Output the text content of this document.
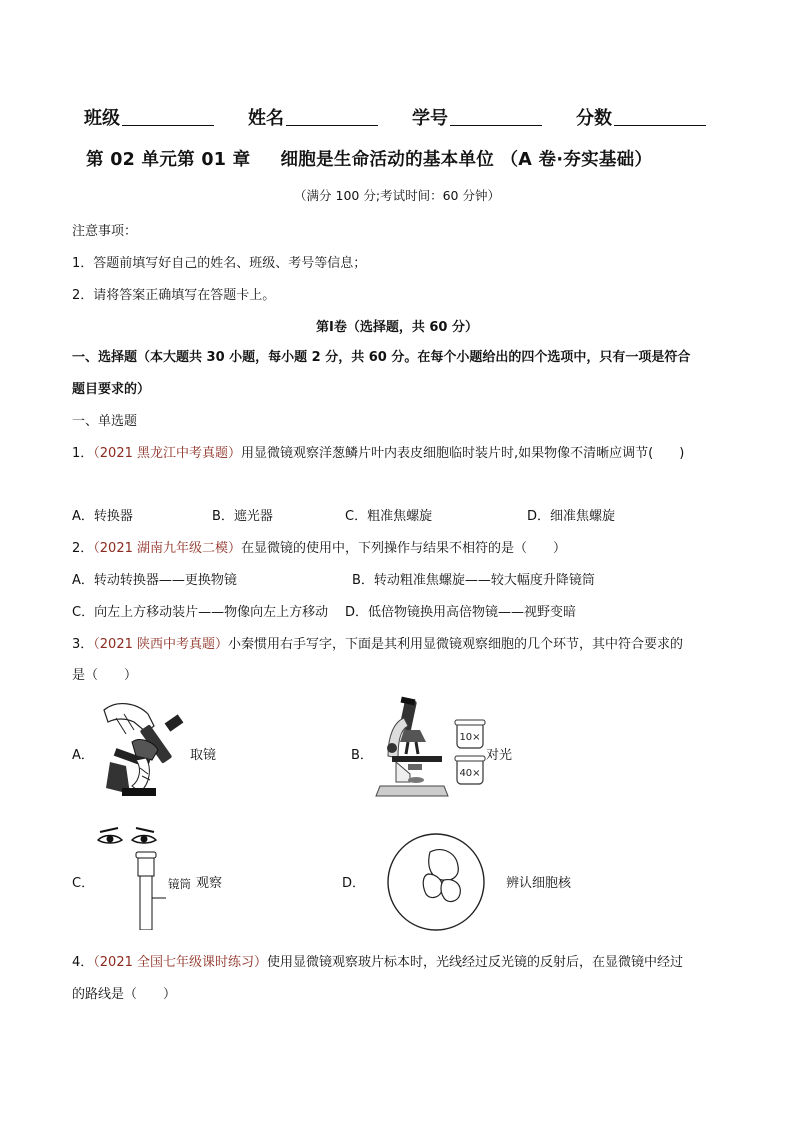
班级	姓名	学号	分数
第 02 单元第 01 章 细胞是生命活动的基本单位 （A 卷·夯实基础）
（满分 100 分;考试时间：60 分钟）
注意事项：
1．答题前填写好自己的姓名、班级、考号等信息；
2．请将答案正确填写在答题卡上。
第Ⅰ卷（选择题，共 60 分）
一、选择题（本大题共 30 小题，每小题 2 分，共 60 分。在每个小题给出的四个选项中，只有一项是符合
题目要求的）
一、单选题
1．（2021 黑龙江中考真题）用显微镜观察洋葱鳞片叶内表皮细胞临时装片时,如果物像不清晰应调节(　　)
A．转换器	B．遮光器	C．粗准焦螺旋	D．细准焦螺旋
2．（2021 湖南九年级二模）在显微镜的使用中，下列操作与结果不相符的是（　　）
A．转动转换器——更换物镜	B．转动粗准焦螺旋——较大幅度升降镜筒
C．向左上方移动装片——物像向左上方移动 D．低倍物镜换用高倍物镜——视野变暗
3．（2021 陕西中考真题）小秦惯用右手写字，下面是其利用显微镜观察细胞的几个环节，其中符合要求的
是（　　）
A．	取镜	B．
10×
40×
对光
C．	镜筒 观察	D．	辨认细胞核
4．（2021 全国七年级课时练习）使用显微镜观察玻片标本时，光线经过反光镜的反射后，在显微镜中经过
的路线是（　　）
